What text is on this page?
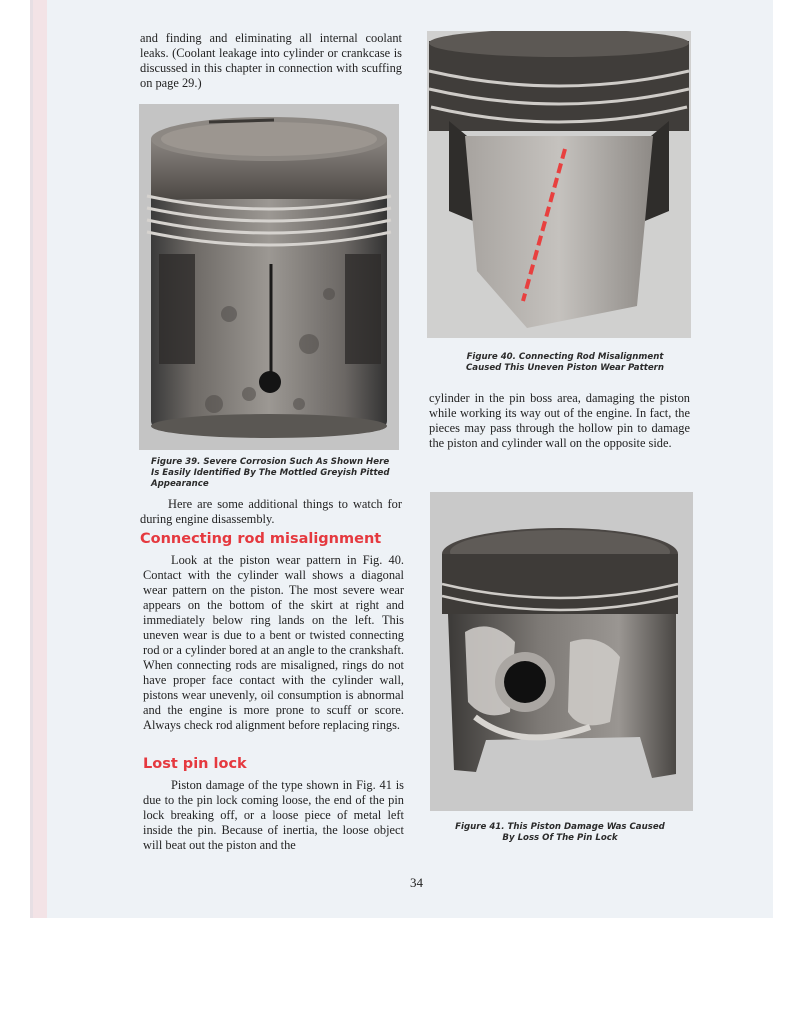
and finding and eliminating all internal coolant leaks. (Coolant leakage into cylinder or crankcase is discussed in this chapter in connection with scuffing on page 29.)

Figure 39. Severe Corrosion Such As Shown Here Is Easily Identified By The Mottled Greyish Pitted Appearance

Here are some additional things to watch for during engine disassembly.

Connecting rod misalignment

Look at the piston wear pattern in Fig. 40. Contact with the cylinder wall shows a diagonal wear pattern on the piston. The most severe wear appears on the bottom of the skirt at right and immediately below ring lands on the left. This uneven wear is due to a bent or twisted connecting rod or a cylinder bored at an angle to the crankshaft. When connecting rods are misaligned, rings do not have proper face contact with the cylinder wall, pistons wear unevenly, oil consumption is abnormal and the engine is more prone to scuff or score. Always check rod alignment before replacing rings.

Lost pin lock

Piston damage of the type shown in Fig. 41 is due to the pin lock coming loose, the end of the pin lock breaking off, or a loose piece of metal left inside the pin. Because of inertia, the loose object will beat out the piston and the

Figure 40. Connecting Rod Misalignment Caused This Uneven Piston Wear Pattern

cylinder in the pin boss area, damaging the piston while working its way out of the engine. In fact, the pieces may pass through the hollow pin to damage the piston and cylinder wall on the opposite side.

Figure 41. This Piston Damage Was Caused By Loss Of The Pin Lock

34
